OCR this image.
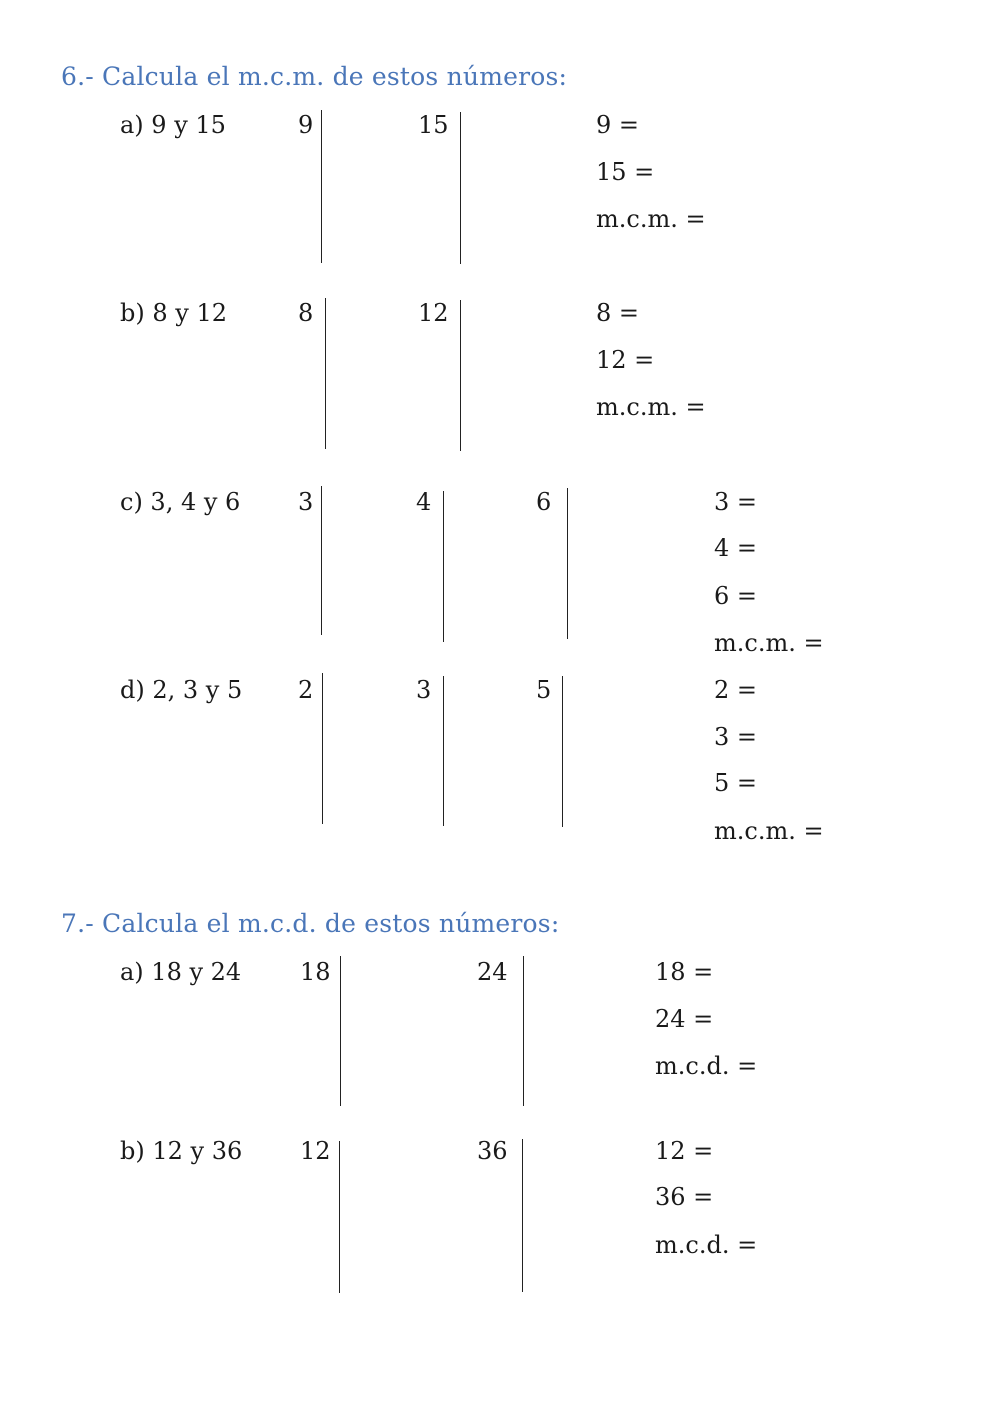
6.- Calcula el m.c.m. de estos números:
a) 9 y 15	9	15	9 =
15 =
m.c.m. =
b) 8 y 12	8	12	8 =
12 =
m.c.m. =
c) 3, 4 y 6 3	4	6	3 =
4 =
6 =
m.c.m. =
d) 2, 3 y 5 2	3	5	2 =
3 =
5 =
m.c.m. =
7.- Calcula el m.c.d. de estos números:
a) 18 y 24 18	24	18 =
24 =
m.c.d. =
b) 12 y 36 12	36	12 =
36 =
m.c.d. =
